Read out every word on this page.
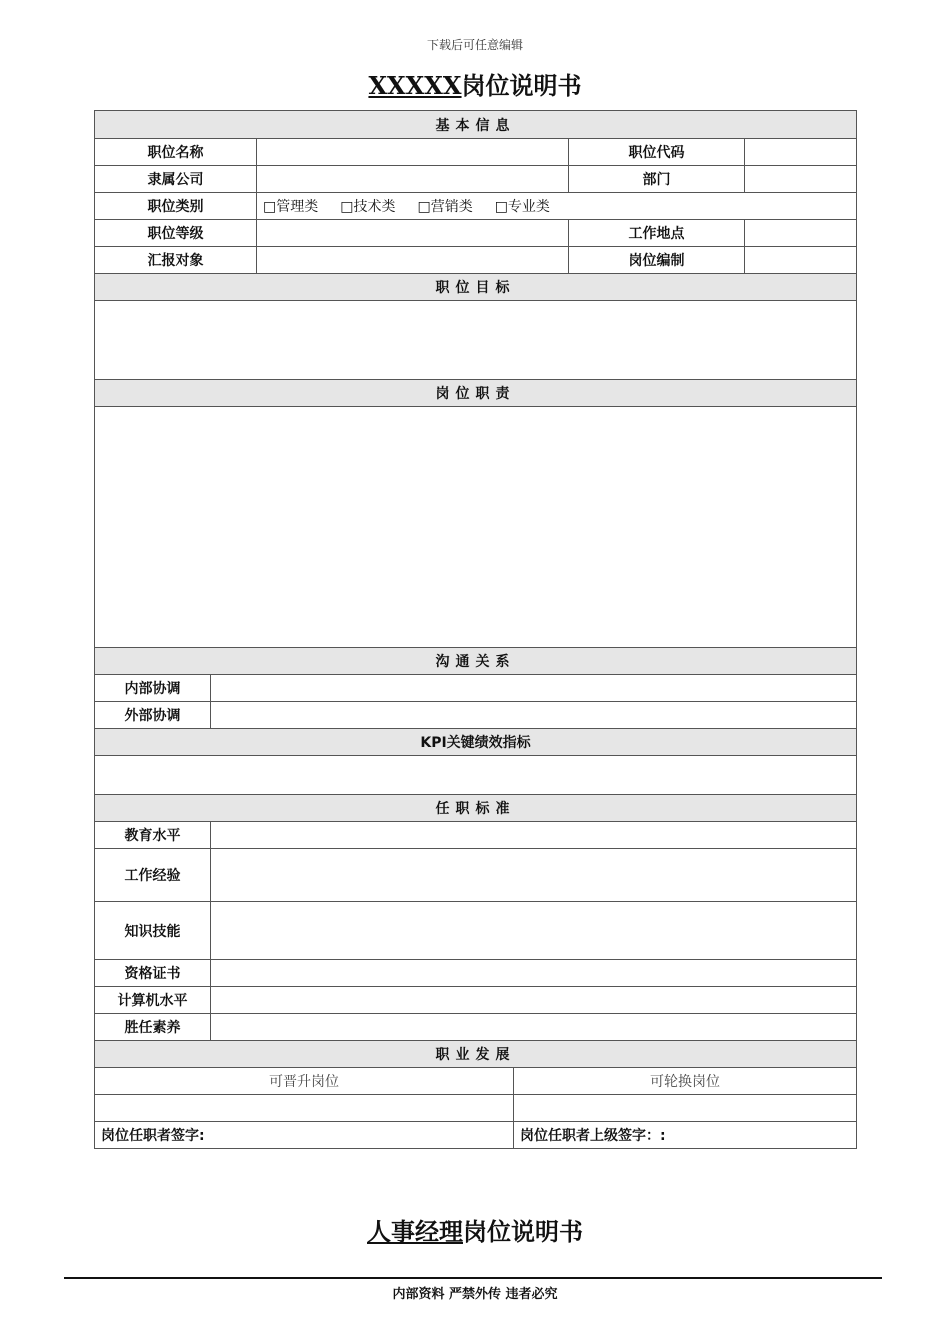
下载后可任意编辑
XXXXX岗位说明书
基本信息					
职位名称				职位代码	
隶属公司				部门	
职位类别		□管理类 □技术类 □营销类 □专业类			
职位等级				工作地点	
汇报对象				岗位编制	
职位目标					

岗位职责					

沟通关系					
内部协调					
外部协调					
KPI关键绩效指标					

任职标准					
教育水平					
工作经验					
知识技能					
资格证书					
计算机水平					
胜任素养					
职业发展					
可晋升岗位			可轮换岗位		

岗位任职者签字:			岗位任职者上级签字：:		
人事经理岗位说明书
内部资料 严禁外传 违者必究
